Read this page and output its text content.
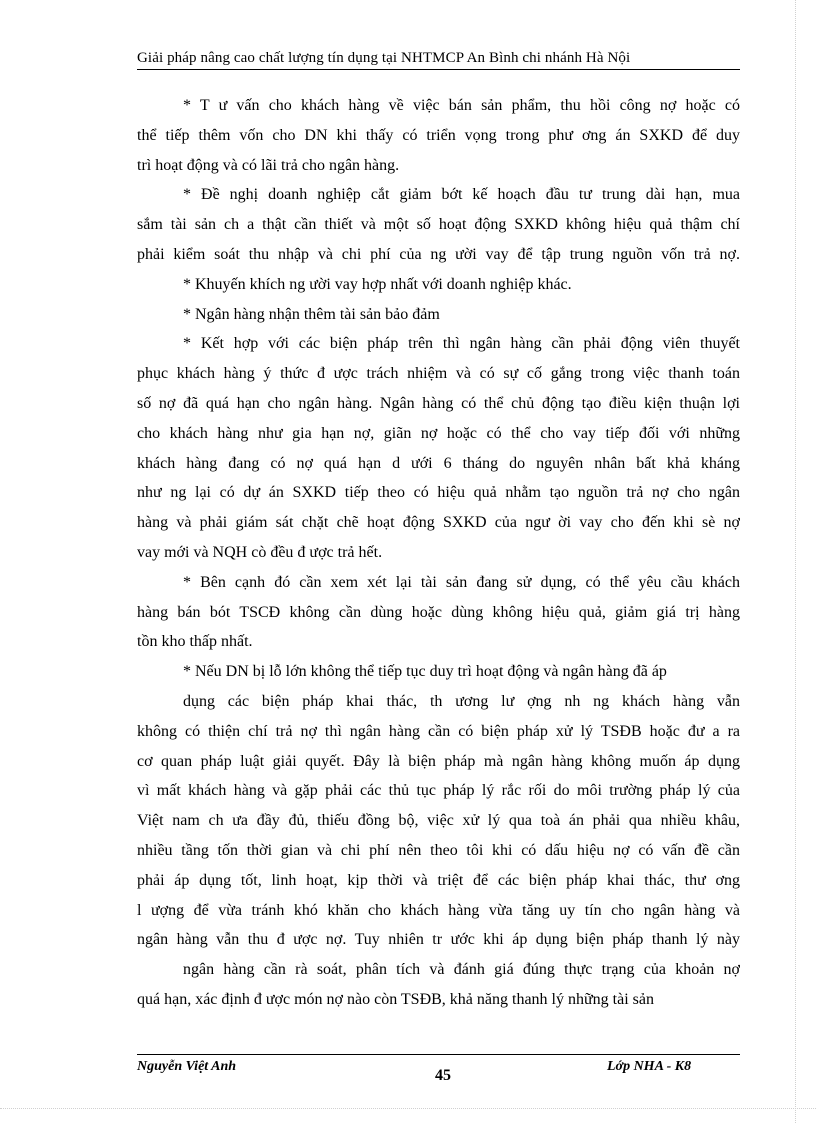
Giải pháp nâng cao chất lượng tín dụng tại NHTMCP An Bình chi nhánh Hà Nội
* T ư vấn cho khách hàng về việc bán sản phẩm, thu hồi công nợ hoặc có
thể tiếp thêm vốn cho DN khi thấy có triển vọng trong phư ơng án SXKD để duy
trì hoạt động và có lãi trả cho ngân hàng.
* Đề nghị doanh nghiệp cắt giảm bớt kế hoạch đầu tư trung dài hạn, mua
sắm tài sản ch a thật cần thiết và một số hoạt động SXKD không hiệu quả thậm chí
phải kiểm soát thu nhập và chi phí của ng ười vay để tập trung nguồn vốn trả nợ.
* Khuyến khích ng ười vay hợp nhất với doanh nghiệp khác.
* Ngân hàng nhận thêm tài sản bảo đảm
* Kết hợp với các biện pháp trên thì ngân hàng cần phải động viên thuyết
phục khách hàng ý thức đ ược trách nhiệm và có sự cố gắng trong việc thanh toán
số nợ đã quá hạn cho ngân hàng. Ngân hàng có thể chủ động tạo điều kiện thuận lợi
cho khách hàng như gia hạn nợ, giãn nợ hoặc có thể cho vay tiếp đối với những
khách hàng đang có nợ quá hạn d ưới 6 tháng do nguyên nhân bất khả kháng
như ng lại có dự án SXKD tiếp theo có hiệu quả nhằm tạo nguồn trả nợ cho ngân
hàng và phải giám sát chặt chẽ hoạt động SXKD của ngư ời vay cho đến khi sè nợ
vay mới và NQH cò đều đ ược trả hết.
* Bên cạnh đó cần xem xét lại tài sản đang sử dụng, có thể yêu cầu khách
hàng bán bót TSCĐ không cần dùng hoặc dùng không hiệu quả, giảm giá trị hàng
tồn kho thấp nhất.
* Nếu DN bị lỗ lớn không thể tiếp tục duy trì hoạt động và ngân hàng đã áp
dụng các biện pháp khai thác, th ương lư ợng nh ng khách hàng vẫn
không có thiện chí trả nợ thì ngân hàng cần có biện pháp xử lý TSĐB hoặc đư a ra
cơ quan pháp luật giải quyết. Đây là biện pháp mà ngân hàng không muốn áp dụng
vì mất khách hàng và gặp phải các thủ tục pháp lý rắc rối do môi trường pháp lý của
Việt nam ch ưa đầy đủ, thiếu đồng bộ, việc xử lý qua toà án phải qua nhiều khâu,
nhiều tầng tốn thời gian và chi phí nên theo tôi khi có dấu hiệu nợ có vấn đề cần
phải áp dụng tốt, linh hoạt, kịp thời và triệt để các biện pháp khai thác, thư ơng
l ượng để vừa tránh khó khăn cho khách hàng vừa tăng uy tín cho ngân hàng và
ngân hàng vẫn thu đ ược nợ. Tuy nhiên tr ước khi áp dụng biện pháp thanh lý này
ngân hàng cần rà soát, phân tích và đánh giá đúng thực trạng của khoản nợ
quá hạn, xác định đ ược món nợ nào còn TSĐB, khả năng thanh lý những tài sản
Nguyễn Việt Anh
45
Lớp NHA - K8
